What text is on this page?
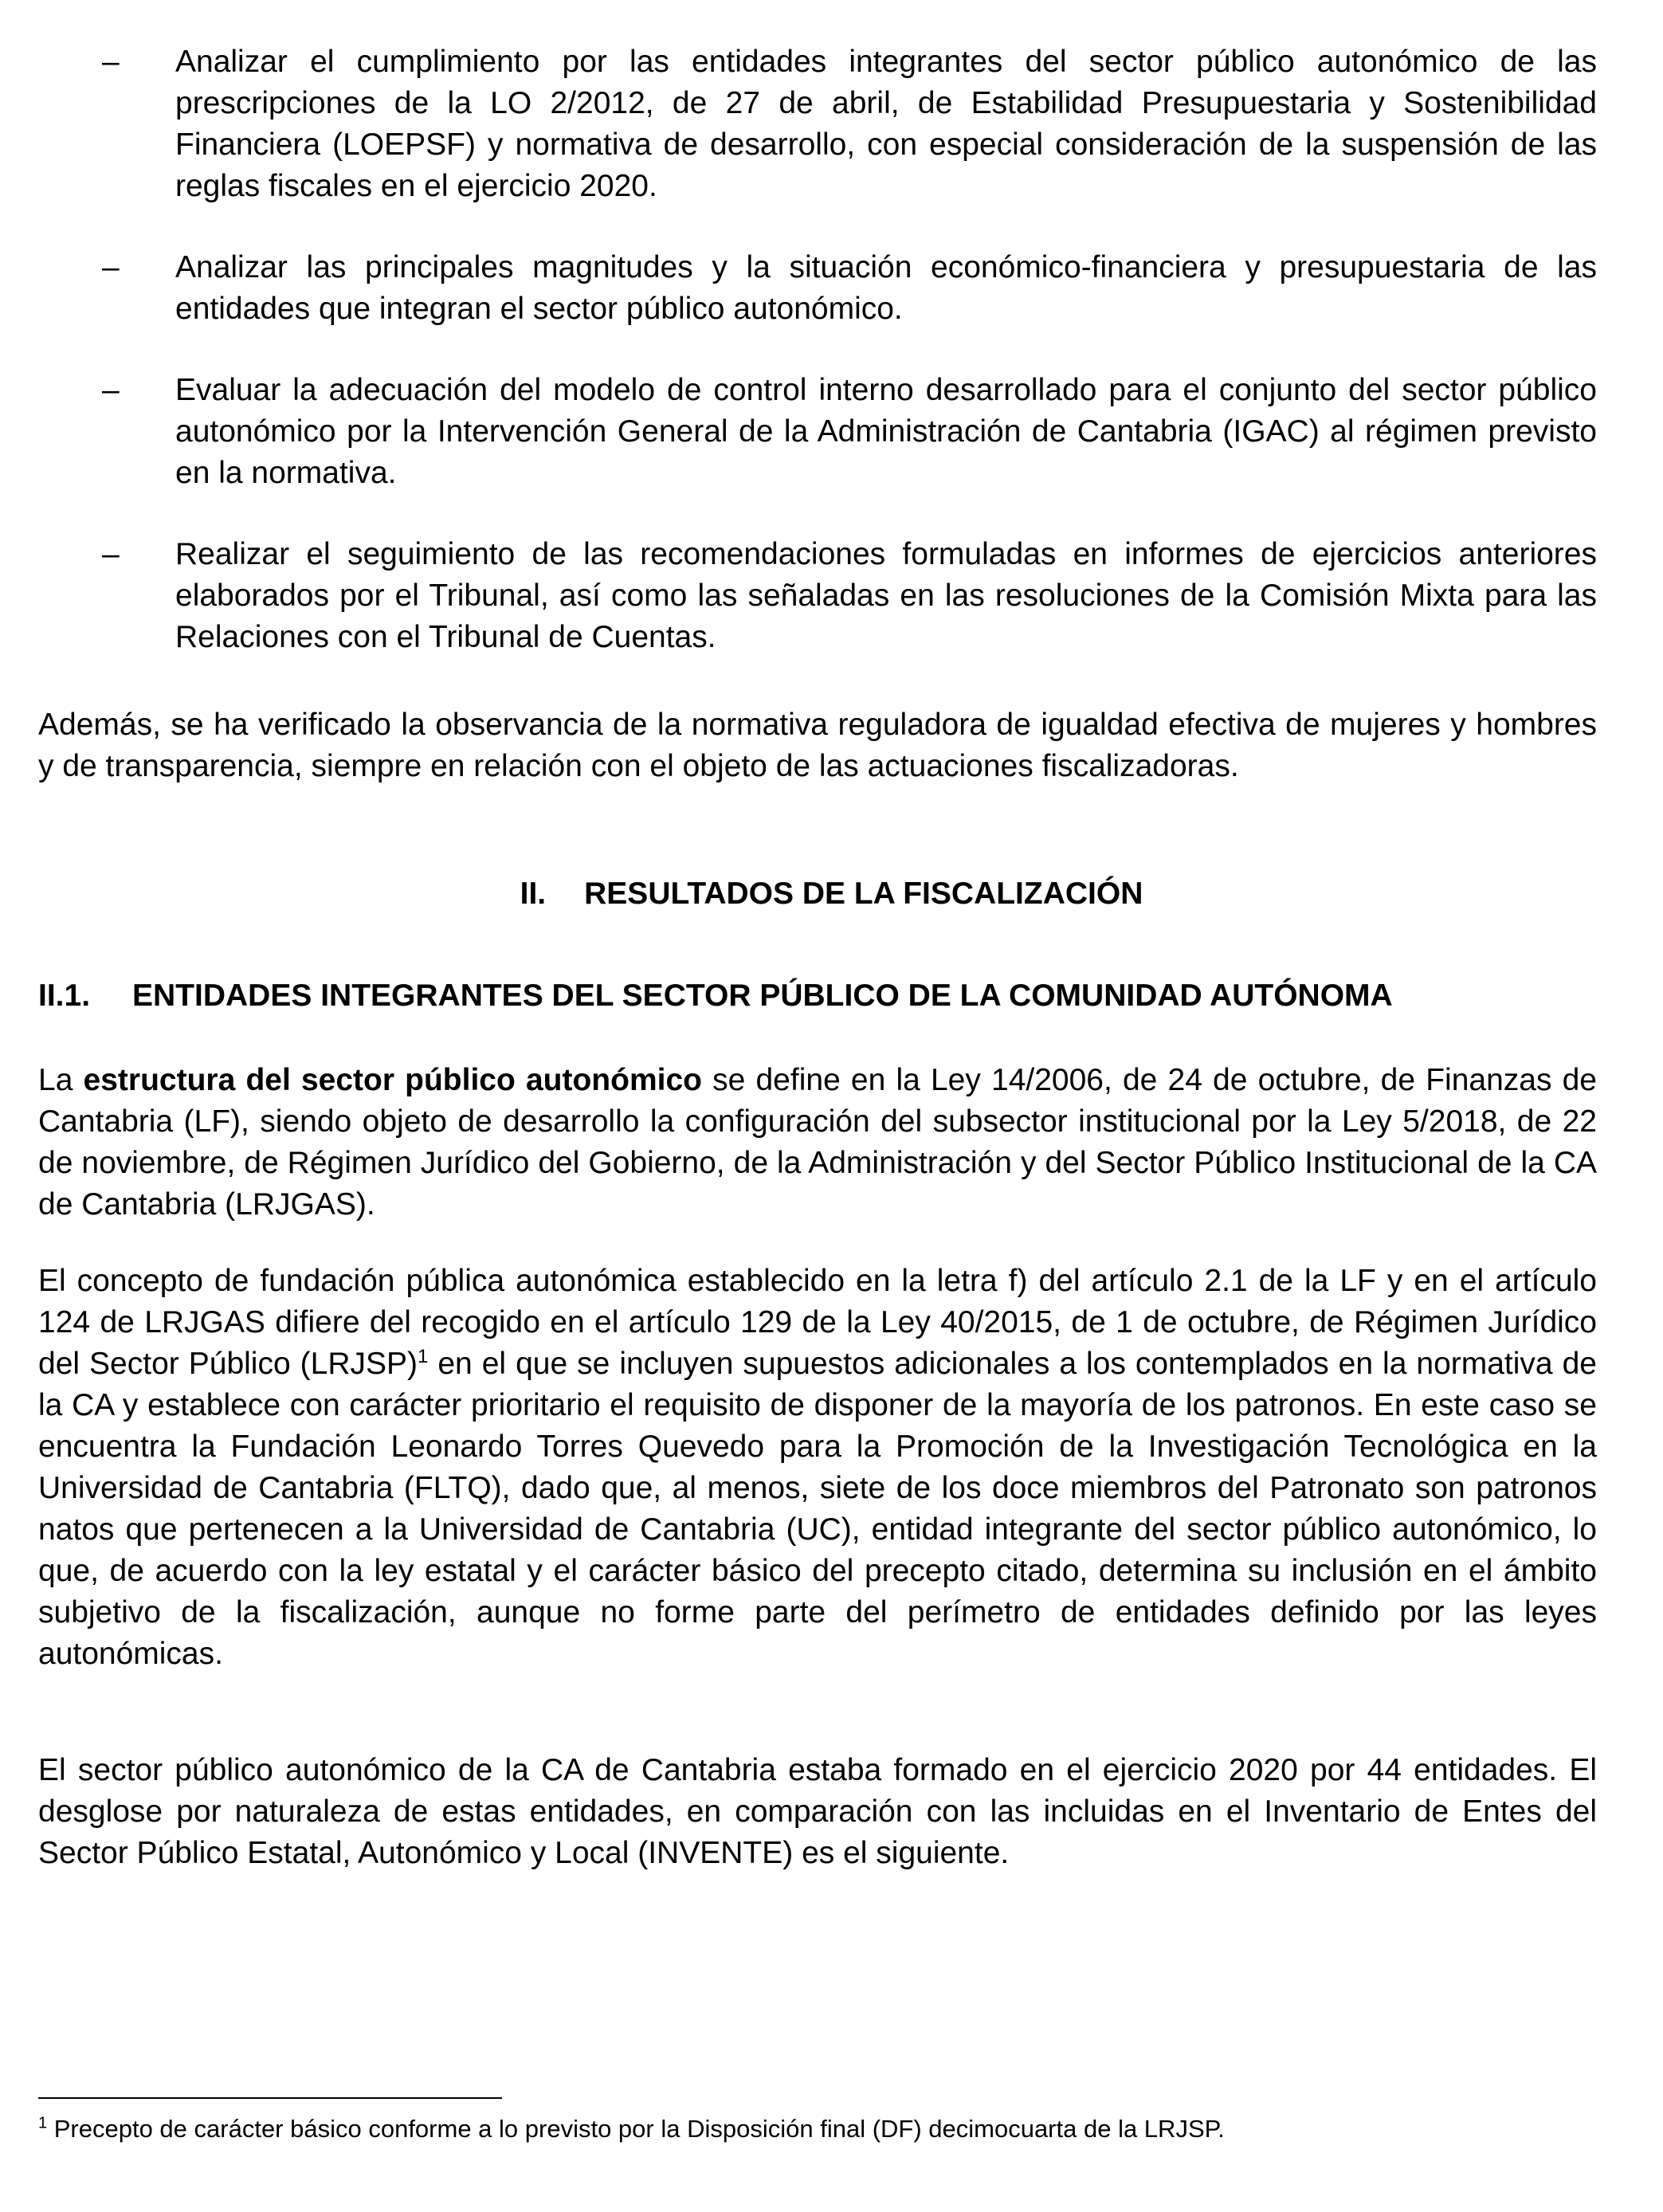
– Analizar el cumplimiento por las entidades integrantes del sector público autonómico de las prescripciones de la LO 2/2012, de 27 de abril, de Estabilidad Presupuestaria y Sostenibilidad Financiera (LOEPSF) y normativa de desarrollo, con especial consideración de la suspensión de las reglas fiscales en el ejercicio 2020.
– Analizar las principales magnitudes y la situación económico-financiera y presupuestaria de las entidades que integran el sector público autonómico.
– Evaluar la adecuación del modelo de control interno desarrollado para el conjunto del sector público autonómico por la Intervención General de la Administración de Cantabria (IGAC) al régimen previsto en la normativa.
– Realizar el seguimiento de las recomendaciones formuladas en informes de ejercicios anteriores elaborados por el Tribunal, así como las señaladas en las resoluciones de la Comisión Mixta para las Relaciones con el Tribunal de Cuentas.

Además, se ha verificado la observancia de la normativa reguladora de igualdad efectiva de mujeres y hombres y de transparencia, siempre en relación con el objeto de las actuaciones fiscalizadoras.

II. RESULTADOS DE LA FISCALIZACIÓN
II.1. ENTIDADES INTEGRANTES DEL SECTOR PÚBLICO DE LA COMUNIDAD AUTÓNOMA

La estructura del sector público autonómico se define en la Ley 14/2006, de 24 de octubre, de Finanzas de Cantabria (LF), siendo objeto de desarrollo la configuración del subsector institucional por la Ley 5/2018, de 22 de noviembre, de Régimen Jurídico del Gobierno, de la Administración y del Sector Público Institucional de la CA de Cantabria (LRJGAS).

El concepto de fundación pública autonómica establecido en la letra f) del artículo 2.1 de la LF y en el artículo 124 de LRJGAS difiere del recogido en el artículo 129 de la Ley 40/2015, de 1 de octubre, de Régimen Jurídico del Sector Público (LRJSP)$^1$ en el que se incluyen supuestos adicionales a los contemplados en la normativa de la CA y establece con carácter prioritario el requisito de disponer de la mayoría de los patronos. En este caso se encuentra la Fundación Leonardo Torres Quevedo para la Promoción de la Investigación Tecnológica en la Universidad de Cantabria (FLTQ), dado que, al menos, siete de los doce miembros del Patronato son patronos natos que pertenecen a la Universidad de Cantabria (UC), entidad integrante del sector público autonómico, lo que, de acuerdo con la ley estatal y el carácter básico del precepto citado, determina su inclusión en el ámbito subjetivo de la fiscalización, aunque no forme parte del perímetro de entidades definido por las leyes autonómicas.

El sector público autonómico de la CA de Cantabria estaba formado en el ejercicio 2020 por 44 entidades. El desglose por naturaleza de estas entidades, en comparación con las incluidas en el Inventario de Entes del Sector Público Estatal, Autonómico y Local (INVENTE) es el siguiente.

$^1$ Precepto de carácter básico conforme a lo previsto por la Disposición final (DF) decimocuarta de la LRJSP.
